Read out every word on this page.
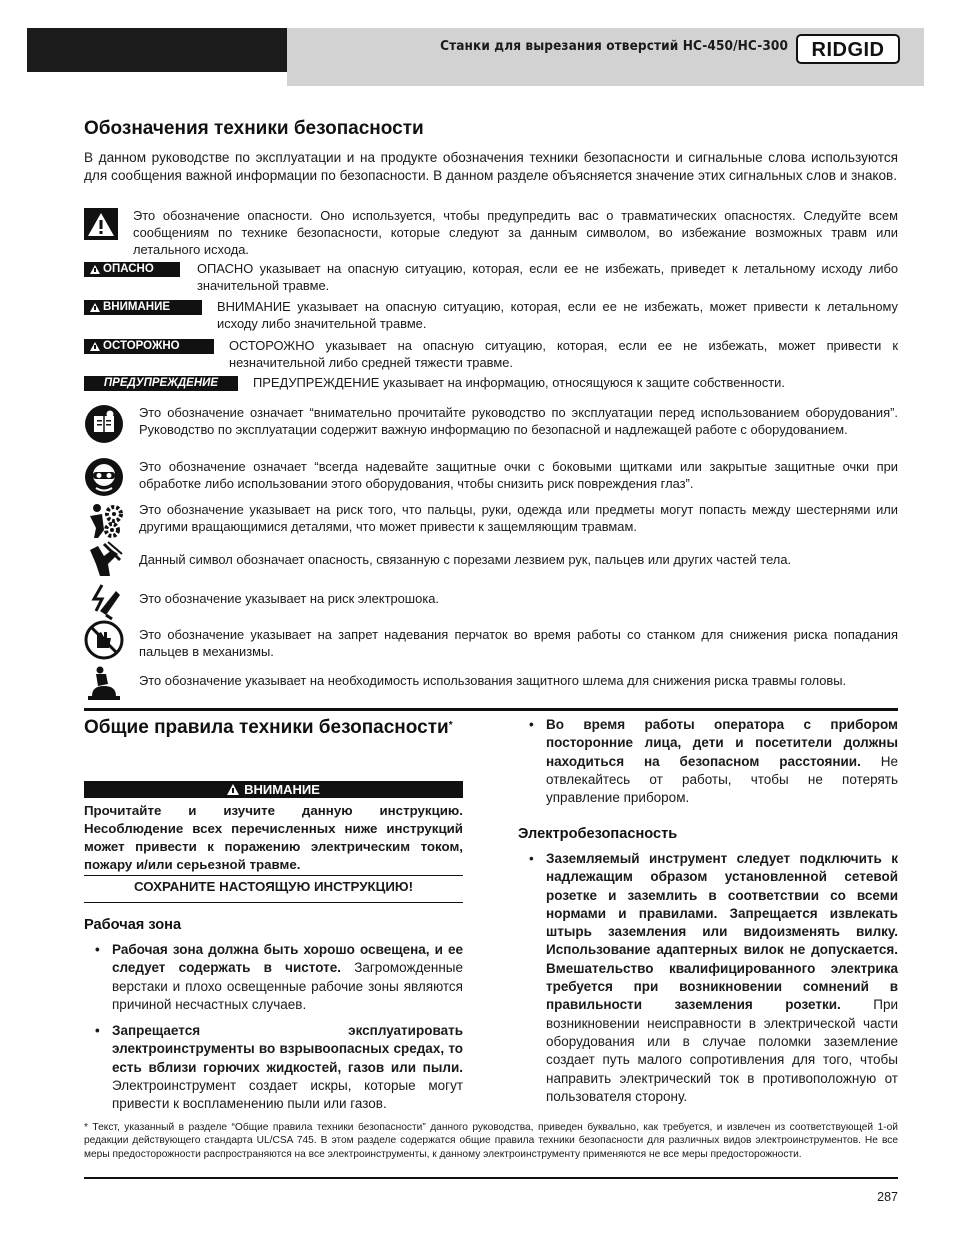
Станки для вырезания отверстий HC-450/HC-300 RIDGID
Обозначения техники безопасности
В данном руководстве по эксплуатации и на продукте обозначения техники безопасности и сигнальные слова используются для сообщения важной информации по безопасности. В данном разделе объясняется значение этих сигнальных слов и знаков.
Это обозначение опасности. Оно используется, чтобы предупредить вас о травматических опасностях. Следуйте всем сообщениям по технике безопасности, которые следуют за данным символом, во избежание возможных травм или летального исхода.
ОПАСНО	ОПАСНО указывает на опасную ситуацию, которая, если ее не избежать, приведет к летальному исходу либо значительной травме.
ВНИМАНИЕ	ВНИМАНИЕ указывает на опасную ситуацию, которая, если ее не избежать, может привести к летальному исходу либо значительной травме.
ОСТОРОЖНО	ОСТОРОЖНО указывает на опасную ситуацию, которая, если ее не избежать, может привести к незначительной либо средней тяжести травме.
ПРЕДУПРЕЖДЕНИЕ	ПРЕДУПРЕЖДЕНИЕ указывает на информацию, относящуюся к защите собственности.
Это обозначение означает “внимательно прочитайте руководство по эксплуатации перед использованием оборудования”. Руководство по эксплуатации содержит важную информацию по безопасной и надлежащей работе с оборудованием.
Это обозначение означает “всегда надевайте защитные очки с боковыми щитками или закрытые защитные очки при обработке либо использовании этого оборудования, чтобы снизить риск повреждения глаз”.
Это обозначение указывает на риск того, что пальцы, руки, одежда или предметы могут попасть между шестернями или другими вращающимися деталями, что может привести к защемляющим травмам.
Данный символ обозначает опасность, связанную с порезами лезвием рук, пальцев или других частей тела.
Это обозначение указывает на риск электрошока.
Это обозначение указывает на запрет надевания перчаток во время работы со станком для снижения риска попадания пальцев в механизмы.
Это обозначение указывает на необходимость использования защитного шлема для снижения риска травмы головы.
Общие правила техники безопасности*
ВНИМАНИЕ
Прочитайте и изучите данную инструкцию. Несоблюдение всех перечисленных ниже инструкций может привести к поражению электрическим током, пожару и/или серьезной травме.
СОХРАНИТЕ НАСТОЯЩУЮ ИНСТРУКЦИЮ!
Рабочая зона
• Рабочая зона должна быть хорошо освещена, и ее следует содержать в чистоте. Загроможденные верстаки и плохо освещенные рабочие зоны являются причиной несчастных случаев.
• Запрещается эксплуатировать электроинструменты во взрывоопасных средах, то есть вблизи горючих жидкостей, газов или пыли. Электроинструмент создает искры, которые могут привести к воспламенению пыли или газов.
• Во время работы оператора с прибором посторонние лица, дети и посетители должны находиться на безопасном расстоянии. Не отвлекайтесь от работы, чтобы не потерять управление прибором.
Электробезопасность
• Заземляемый инструмент следует подключить к надлежащим образом установленной сетевой розетке и заземлить в соответствии со всеми нормами и правилами. Запрещается извлекать штырь заземления или видоизменять вилку. Использование адаптерных вилок не допускается. Вмешательство квалифицированного электрика требуется при возникновении сомнений в правильности заземления розетки. При возникновении неисправности в электрической части оборудования или в случае поломки заземление создает путь малого сопротивления для того, чтобы направить электрический ток в противоположную от пользователя сторону.
* Текст, указанный в разделе “Общие правила техники безопасности” данного руководства, приведен буквально, как требуется, и извлечен из соответствующей 1-ой редакции действующего стандарта UL/CSA 745. В этом разделе содержатся общие правила техники безопасности для различных видов электроинструментов. Не все меры предосторожности распространяются на все электроинструменты, к данному электроинструменту применяются не все меры предосторожности.
287
